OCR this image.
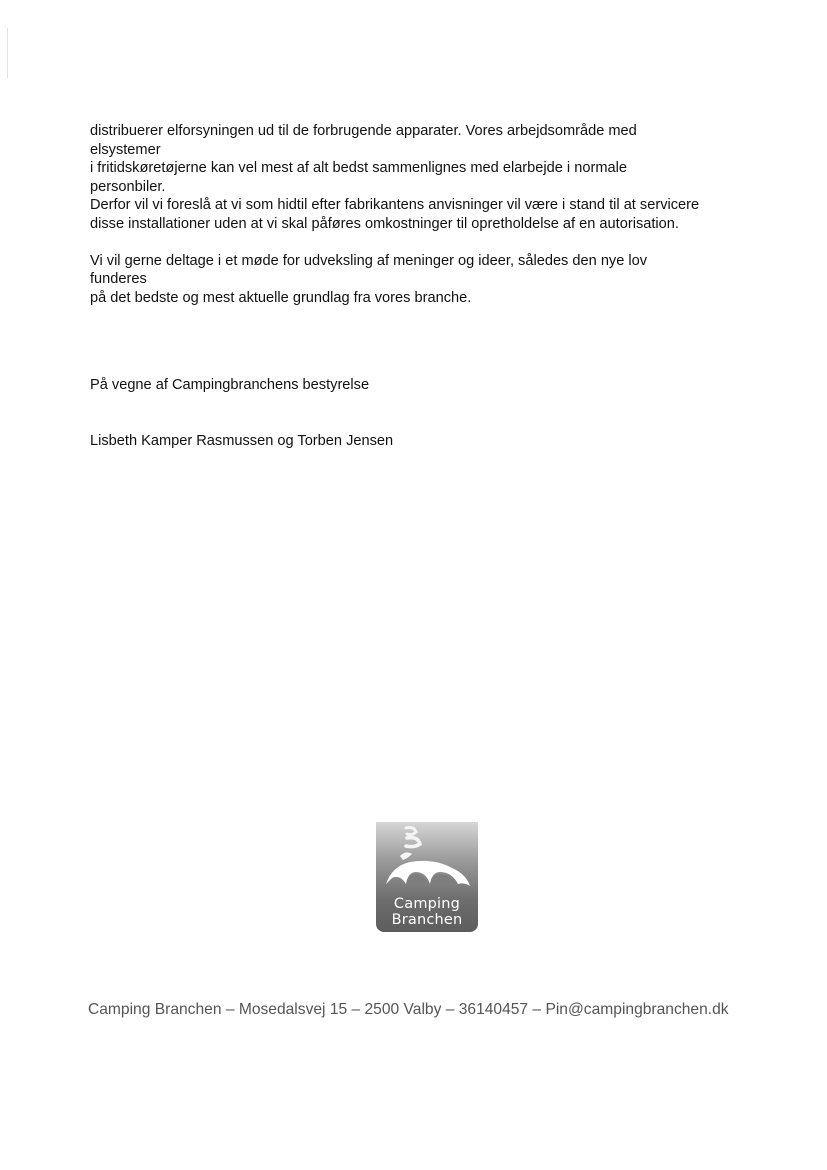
distribuerer elforsyningen ud til de forbrugende apparater. Vores arbejdsområde med

elsystemer

i fritidskøretøjerne kan vel mest af alt bedst sammenlignes med elarbejde i normale

personbiler.

Derfor vil vi foreslå at vi som hidtil efter fabrikantens anvisninger vil være i stand til at servicere

disse installationer uden at vi skal påføres omkostninger til opretholdelse af en autorisation.

Vi vil gerne deltage i et møde for udveksling af meninger og ideer, således den nye lov

funderes

på det bedste og mest aktuelle grundlag fra vores branche.

På vegne af Campingbranchens bestyrelse
Lisbeth Kamper Rasmussen og Torben Jensen
Camping
Branchen
Camping Branchen – Mosedalsvej 15 – 2500 Valby – 36140457 – Pin@campingbranchen.dk
